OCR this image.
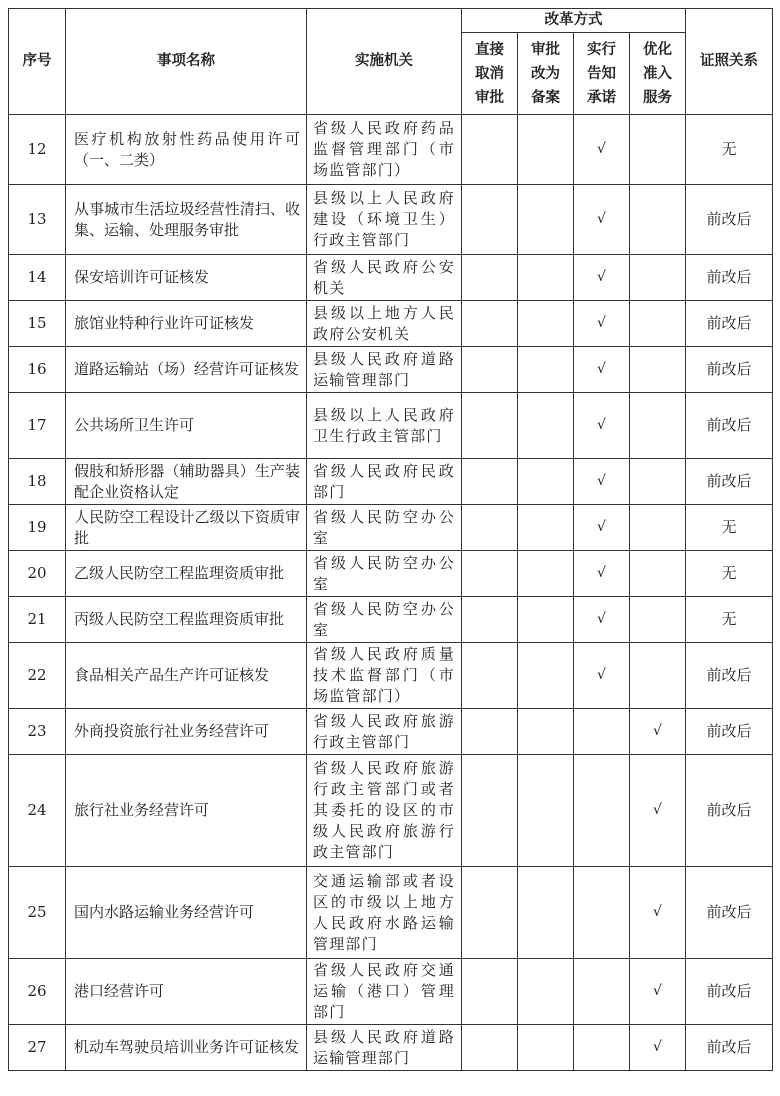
序号	事项名称	实施机关	改革方式				证照关系
			直接取消审批	审批改为备案	实行告知承诺	优化准入服务	
12	医疗机构放射性药品使用许可（一、二类）	省级人民政府药品监督管理部门（市场监管部门）			√		无
13	从事城市生活垃圾经营性清扫、收集、运输、处理服务审批	县级以上人民政府建设（环境卫生）行政主管部门			√		前改后
14	保安培训许可证核发	省级人民政府公安机关			√		前改后
15	旅馆业特种行业许可证核发	县级以上地方人民政府公安机关			√		前改后
16	道路运输站（场）经营许可证核发	县级人民政府道路运输管理部门			√		前改后
17	公共场所卫生许可	县级以上人民政府卫生行政主管部门			√		前改后
18	假肢和矫形器（辅助器具）生产装配企业资格认定	省级人民政府民政部门			√		前改后
19	人民防空工程设计乙级以下资质审批	省级人民防空办公室			√		无
20	乙级人民防空工程监理资质审批	省级人民防空办公室			√		无
21	丙级人民防空工程监理资质审批	省级人民防空办公室			√		无
22	食品相关产品生产许可证核发	省级人民政府质量技术监督部门（市场监管部门）			√		前改后
23	外商投资旅行社业务经营许可	省级人民政府旅游行政主管部门				√	前改后
24	旅行社业务经营许可	省级人民政府旅游行政主管部门或者其委托的设区的市级人民政府旅游行政主管部门				√	前改后
25	国内水路运输业务经营许可	交通运输部或者设区的市级以上地方人民政府水路运输管理部门				√	前改后
26	港口经营许可	省级人民政府交通运输（港口）管理部门				√	前改后
27	机动车驾驶员培训业务许可证核发	县级人民政府道路运输管理部门				√	前改后
